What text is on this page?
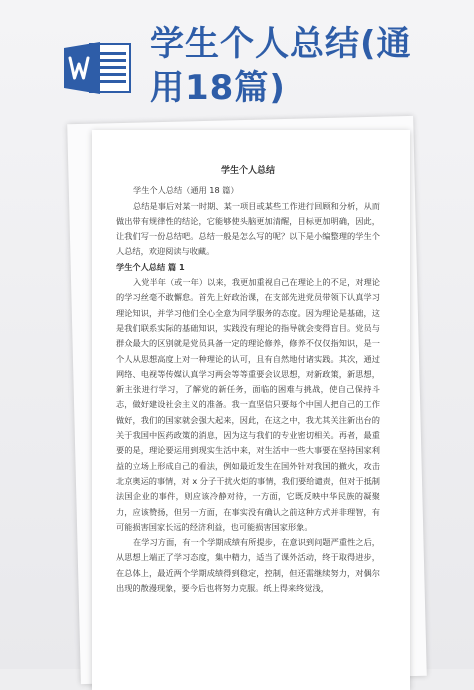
学生个人总结(通
用18篇)

学生个人总结

学生个人总结（通用 18 篇）

总结是事后对某一时期、某一项目或某些工作进行回顾和分析，从而做出带有规律性的结论，它能够使头脑更加清醒，目标更加明确，因此，让我们写一份总结吧。总结一般是怎么写的呢？以下是小编整理的学生个人总结，欢迎阅读与收藏。

学生个人总结 篇 1

入党半年（或一年）以来，我更加重视自己在理论上的不足，对理论的学习丝毫不敢懈怠。首先上好政治课，在支部先进党员带领下认真学习理论知识，并学习他们全心全意为同学服务的态度。因为理论是基础，这是我们联系实际的基础知识，实践没有理论的指导就会变得盲目。党员与群众最大的区别就是党员具备一定的理论修养，修养不仅仅指知识，是一个人从思想高度上对一种理论的认可，且有自然地付诸实践。其次，通过网络、电视等传媒认真学习两会等等重要会议思想，对新政策，新思想，新主张进行学习，了解党的新任务，面临的困难与挑战，使自己保持斗志，做好建设社会主义的准备。我一直坚信只要每个中国人把自己的工作做好，我们的国家就会强大起来，因此，在这之中，我尤其关注新出台的关于我国中医药政策的消息，因为这与我们的专业密切相关。再者，最重要的是，理论要运用到现实生活中来，对生活中一些大事要在坚持国家利益的立场上形成自己的看法，例如最近发生在国外针对我国的撤火，攻击北京奥运的事情，对 x 分子干扰火炬的事情，我们要给谴责，但对于抵制法国企业的事件，则应该冷静对待，一方面，它既反映中华民族的凝聚力，应该赞扬，但另一方面，在事实没有确认之前这种方式并非理智，有可能损害国家长远的经济利益，也可能损害国家形象。

在学习方面，有一个学期成绩有所提步，在意识到问题严重性之后，从思想上端正了学习态度，集中精力，适当了课外活动，终于取得进步，在总体上，最近两个学期成绩得到稳定，控制，但还需继续努力，对偶尔出现的散漫现象，要今后也将努力克服。纸上得来终觉浅，
